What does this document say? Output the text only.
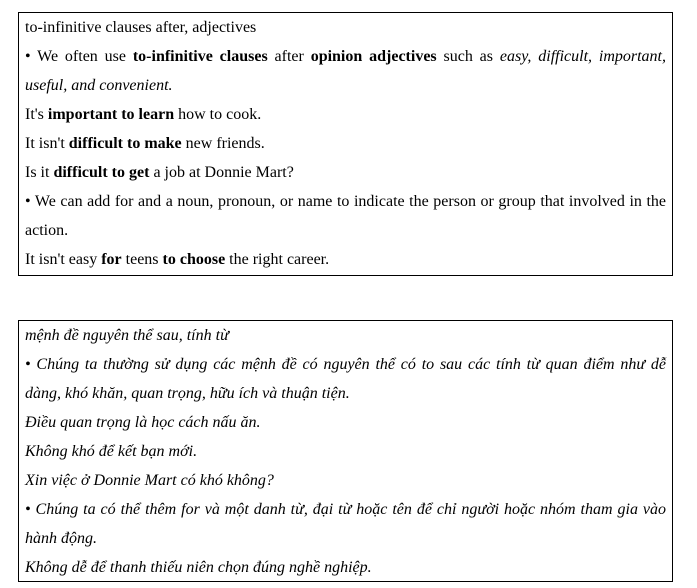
to-infinitive clauses after, adjectives
• We often use to-infinitive clauses after opinion adjectives such as easy, difficult, important, useful, and convenient.
It's important to learn how to cook.
It isn't difficult to make new friends.
Is it difficult to get a job at Donnie Mart?
• We can add for and a noun, pronoun, or name to indicate the person or group that involved in the action.
It isn't easy for teens to choose the right career.
mệnh đề nguyên thể sau, tính từ
• Chúng ta thường sử dụng các mệnh đề có nguyên thể có to sau các tính từ quan điểm như dễ dàng, khó khăn, quan trọng, hữu ích và thuận tiện.
Điều quan trọng là học cách nấu ăn.
Không khó để kết bạn mới.
Xin việc ở Donnie Mart có khó không?
• Chúng ta có thể thêm for và một danh từ, đại từ hoặc tên để chỉ người hoặc nhóm tham gia vào hành động.
Không dễ để thanh thiếu niên chọn đúng nghề nghiệp.
